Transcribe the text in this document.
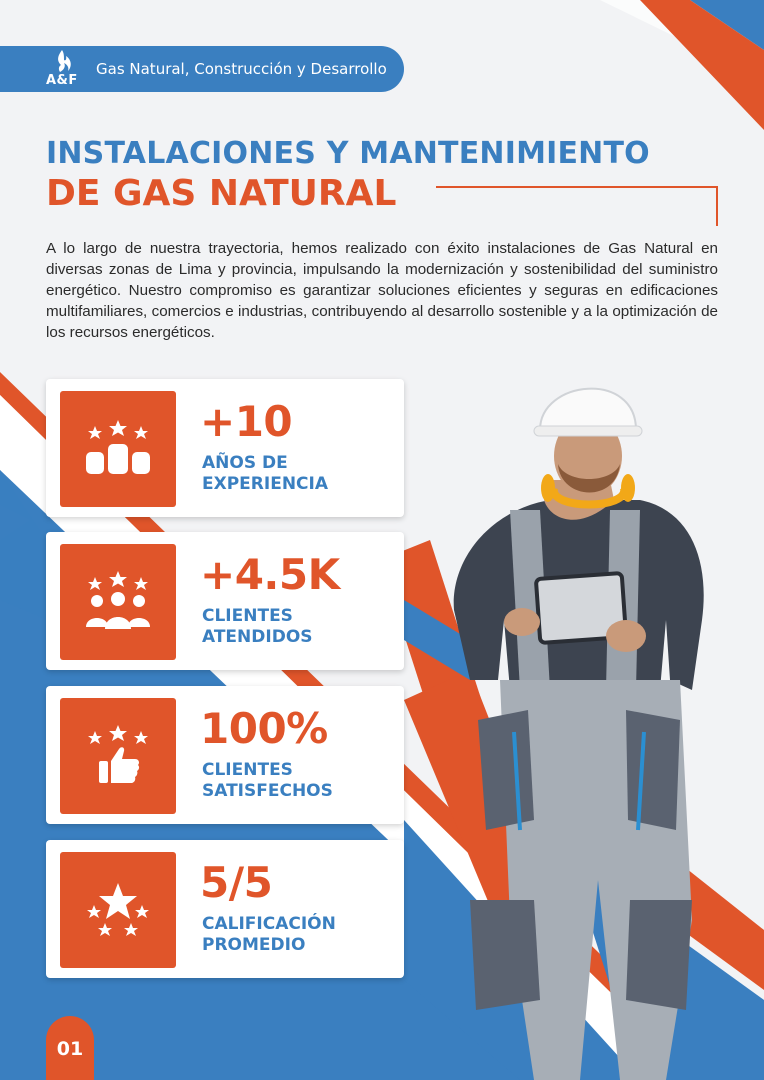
A&F
Gas Natural, Construcción y Desarrollo
INSTALACIONES Y MANTENIMIENTO
DE GAS NATURAL

A lo largo de nuestra trayectoria, hemos realizado con éxito instalaciones de Gas Natural en diversas zonas de Lima y provincia, impulsando la modernización y sostenibilidad del suministro energético. Nuestro compromiso es garantizar soluciones eficientes y seguras en edificaciones multifamiliares, comercios e industrias, contribuyendo al desarrollo sostenible y a la optimización de los recursos energéticos.

+10
AÑOS DE
EXPERIENCIA
+4.5K
CLIENTES
ATENDIDOS
100%
CLIENTES
SATISFECHOS
5/5
CALIFICACIÓN
PROMEDIO
01
